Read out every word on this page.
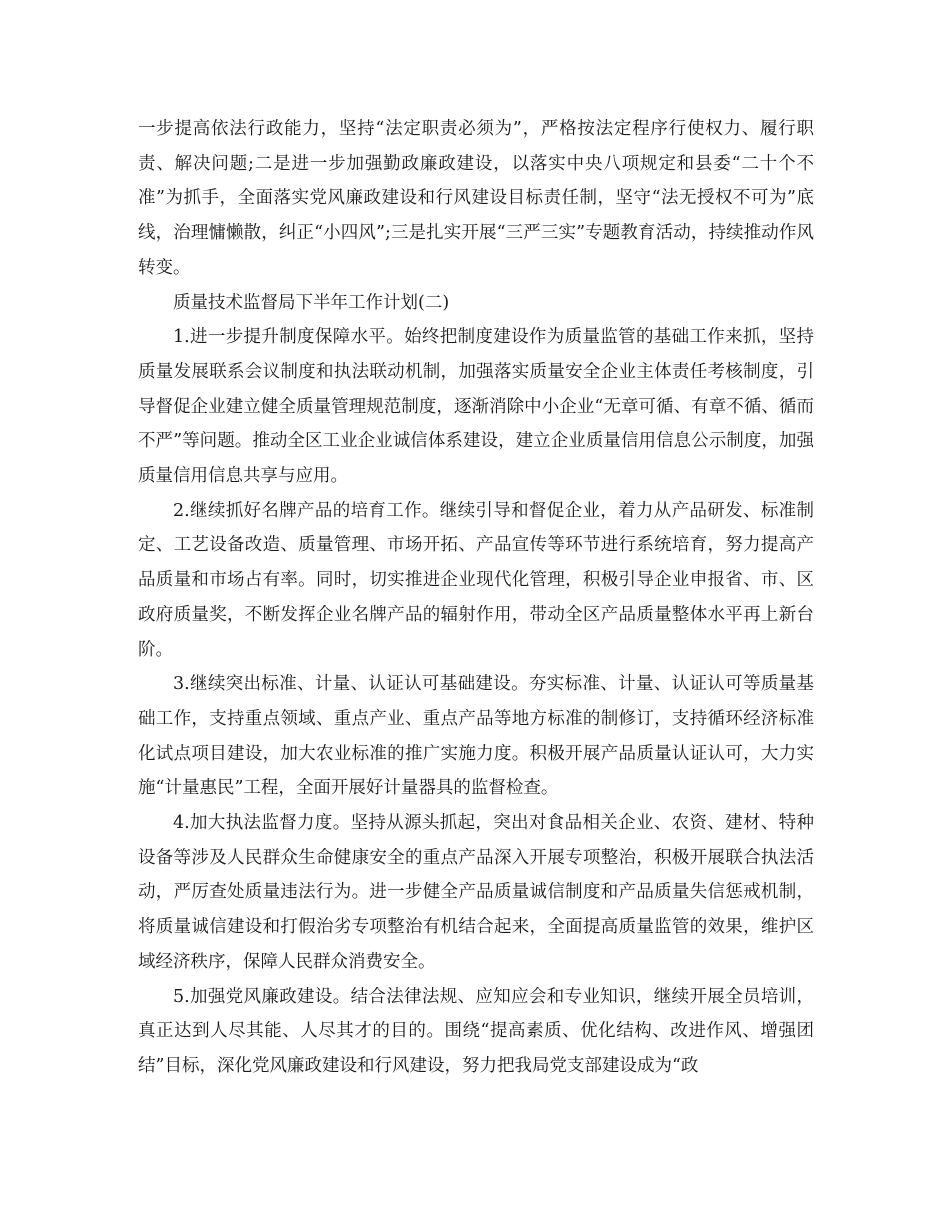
一步提高依法行政能力，坚持“法定职责必须为”，严格按法定程序行使权力、履行职责、解决问题;二是进一步加强勤政廉政建设，以落实中央八项规定和县委“二十个不准”为抓手，全面落实党风廉政建设和行风建设目标责任制，坚守“法无授权不可为”底线，治理慵懒散，纠正“小四风”;三是扎实开展“三严三实”专题教育活动，持续推动作风转变。

质量技术监督局下半年工作计划(二)

1.进一步提升制度保障水平。始终把制度建设作为质量监管的基础工作来抓，坚持质量发展联系会议制度和执法联动机制，加强落实质量安全企业主体责任考核制度，引导督促企业建立健全质量管理规范制度，逐渐消除中小企业“无章可循、有章不循、循而不严”等问题。推动全区工业企业诚信体系建设，建立企业质量信用信息公示制度，加强质量信用信息共享与应用。

2.继续抓好名牌产品的培育工作。继续引导和督促企业，着力从产品研发、标准制定、工艺设备改造、质量管理、市场开拓、产品宣传等环节进行系统培育，努力提高产品质量和市场占有率。同时，切实推进企业现代化管理，积极引导企业申报省、市、区政府质量奖，不断发挥企业名牌产品的辐射作用，带动全区产品质量整体水平再上新台阶。

3.继续突出标准、计量、认证认可基础建设。夯实标准、计量、认证认可等质量基础工作，支持重点领域、重点产业、重点产品等地方标准的制修订，支持循环经济标准化试点项目建设，加大农业标准的推广实施力度。积极开展产品质量认证认可，大力实施“计量惠民”工程，全面开展好计量器具的监督检查。

4.加大执法监督力度。坚持从源头抓起，突出对食品相关企业、农资、建材、特种设备等涉及人民群众生命健康安全的重点产品深入开展专项整治，积极开展联合执法活动，严厉查处质量违法行为。进一步健全产品质量诚信制度和产品质量失信惩戒机制，将质量诚信建设和打假治劣专项整治有机结合起来，全面提高质量监管的效果，维护区域经济秩序，保障人民群众消费安全。

5.加强党风廉政建设。结合法律法规、应知应会和专业知识，继续开展全员培训，真正达到人尽其能、人尽其才的目的。围绕“提高素质、优化结构、改进作风、增强团结”目标，深化党风廉政建设和行风建设，努力把我局党支部建设成为“政
